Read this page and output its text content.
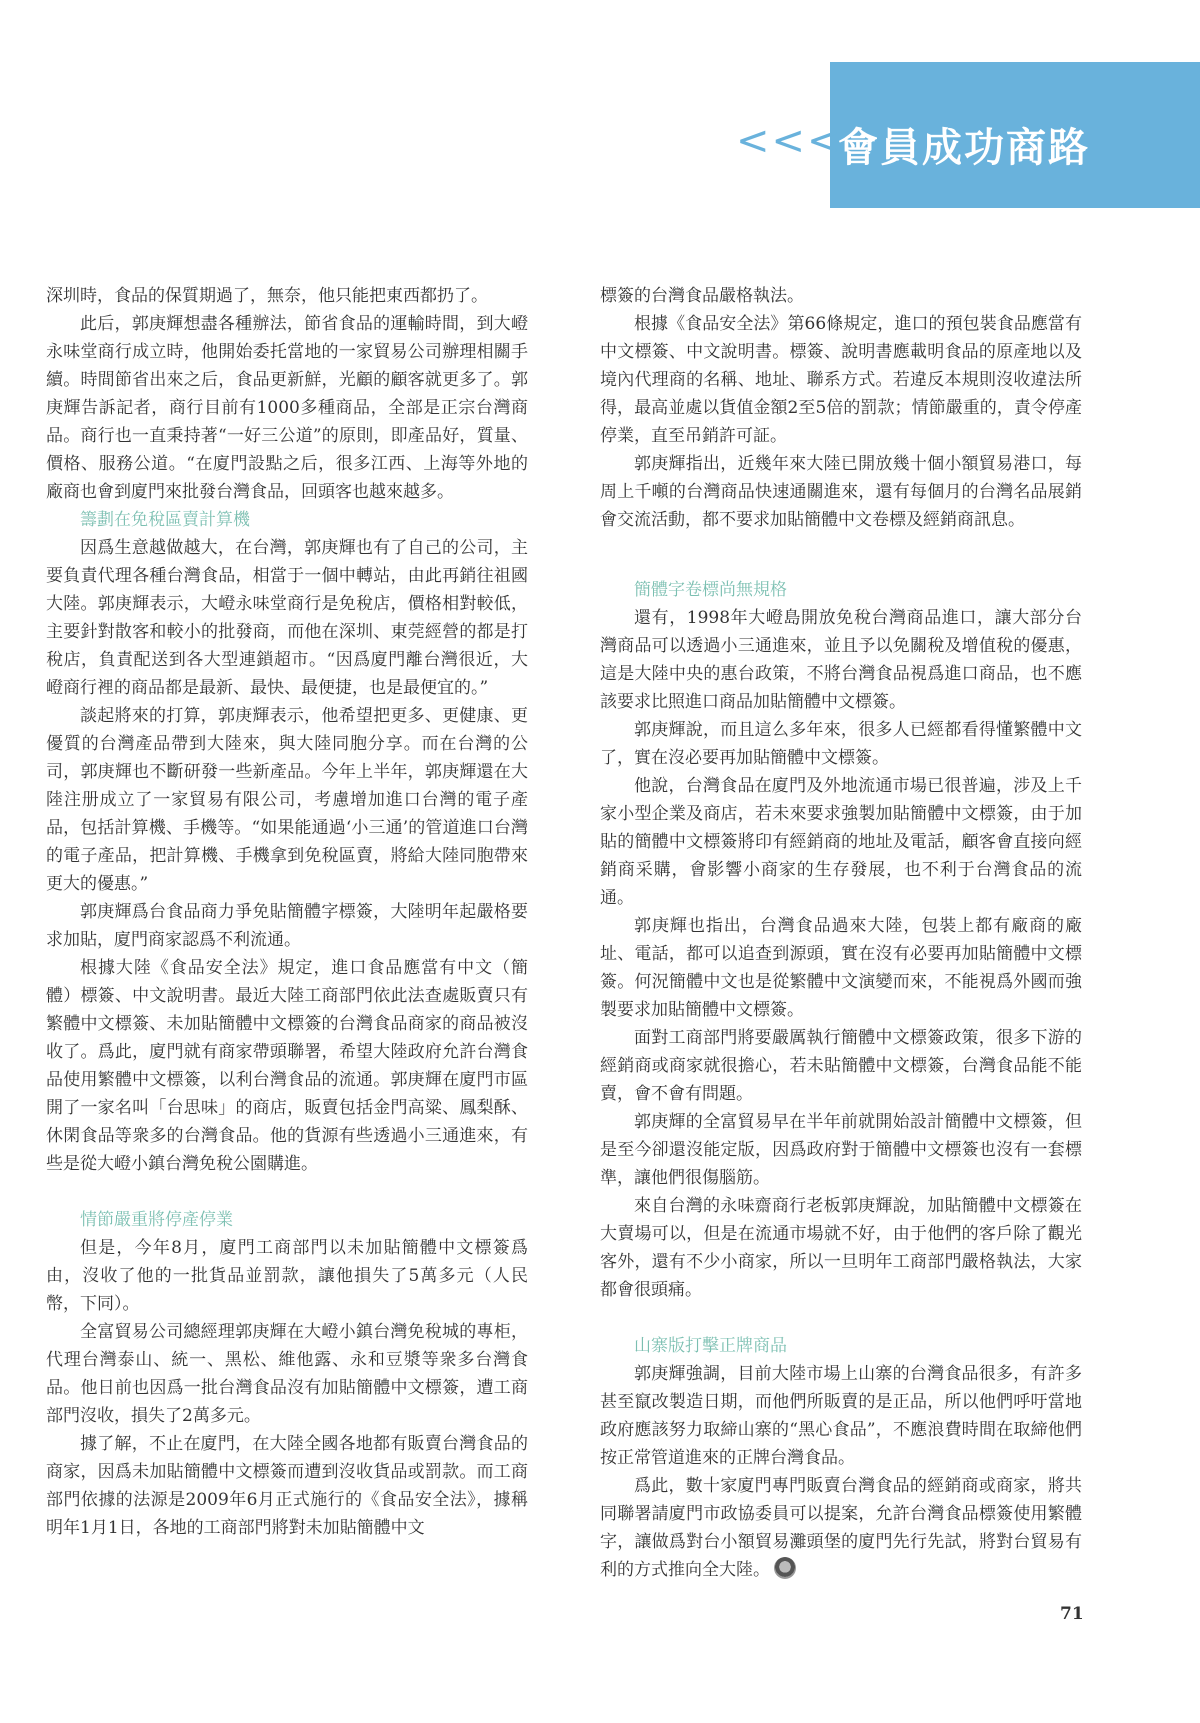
<<<
會員成功商路

深圳時，食品的保質期過了，無奈，他只能把東西都扔了。

此后，郭庚輝想盡各種辦法，節省食品的運輸時間，到大嶝永味堂商行成立時，他開始委托當地的一家貿易公司辦理相關手續。時間節省出來之后，食品更新鮮，光顧的顧客就更多了。郭庚輝告訴記者，商行目前有1000多種商品，全部是正宗台灣商品。商行也一直秉持著“一好三公道”的原則，即產品好，質量、價格、服務公道。“在廈門設點之后，很多江西、上海等外地的廠商也會到廈門來批發台灣食品，回頭客也越來越多。

籌劃在免稅區賣計算機

因爲生意越做越大，在台灣，郭庚輝也有了自己的公司，主要負責代理各種台灣食品，相當于一個中轉站，由此再銷往祖國大陸。郭庚輝表示，大嶝永味堂商行是免稅店，價格相對較低，主要針對散客和較小的批發商，而他在深圳、東莞經營的都是打稅店，負責配送到各大型連鎖超市。“因爲廈門離台灣很近，大嶝商行裡的商品都是最新、最快、最便捷，也是最便宜的。”

談起將來的打算，郭庚輝表示，他希望把更多、更健康、更優質的台灣產品帶到大陸來，與大陸同胞分享。而在台灣的公司，郭庚輝也不斷研發一些新產品。今年上半年，郭庚輝還在大陸注册成立了一家貿易有限公司，考慮增加進口台灣的電子產品，包括計算機、手機等。“如果能通過‘小三通’的管道進口台灣的電子產品，把計算機、手機拿到免稅區賣，將給大陸同胞帶來更大的優惠。”

郭庚輝爲台食品商力爭免貼簡體字標簽，大陸明年起嚴格要求加貼，廈門商家認爲不利流通。

根據大陸《食品安全法》規定，進口食品應當有中文（簡體）標簽、中文說明書。最近大陸工商部門依此法查處販賣只有繁體中文標簽、未加貼簡體中文標簽的台灣食品商家的商品被沒收了。爲此，廈門就有商家帶頭聯署，希望大陸政府允許台灣食品使用繁體中文標簽，以利台灣食品的流通。郭庚輝在廈門市區開了一家名叫「台思味」的商店，販賣包括金門高粱、鳳梨酥、休閑食品等衆多的台灣食品。他的貨源有些透過小三通進來，有些是從大嶝小鎮台灣免稅公園購進。

情節嚴重將停產停業

但是，今年8月，廈門工商部門以未加貼簡體中文標簽爲由，沒收了他的一批貨品並罰款，讓他損失了5萬多元（人民幣，下同）。

全富貿易公司總經理郭庚輝在大嶝小鎮台灣免稅城的專柜，代理台灣泰山、統一、黑松、維他露、永和豆漿等衆多台灣食品。他日前也因爲一批台灣食品沒有加貼簡體中文標簽，遭工商部門沒收，損失了2萬多元。

據了解，不止在廈門，在大陸全國各地都有販賣台灣食品的商家，因爲未加貼簡體中文標簽而遭到沒收貨品或罰款。而工商部門依據的法源是2009年6月正式施行的《食品安全法》，據稱明年1月1日，各地的工商部門將對未加貼簡體中文

標簽的台灣食品嚴格執法。

根據《食品安全法》第66條規定，進口的預包裝食品應當有中文標簽、中文說明書。標簽、說明書應載明食品的原產地以及境內代理商的名稱、地址、聯系方式。若違反本規則沒收違法所得，最高並處以貨值金額2至5倍的罰款；情節嚴重的，責令停產停業，直至吊銷許可証。

郭庚輝指出，近幾年來大陸已開放幾十個小額貿易港口，每周上千噸的台灣商品快速通關進來，還有每個月的台灣名品展銷會交流活動，都不要求加貼簡體中文卷標及經銷商訊息。

簡體字卷標尚無規格

還有，1998年大嶝島開放免稅台灣商品進口，讓大部分台灣商品可以透過小三通進來，並且予以免關稅及增值稅的優惠，這是大陸中央的惠台政策，不將台灣食品視爲進口商品，也不應該要求比照進口商品加貼簡體中文標簽。

郭庚輝說，而且這么多年來，很多人已經都看得懂繁體中文了，實在沒必要再加貼簡體中文標簽。

他說，台灣食品在廈門及外地流通市場已很普遍，涉及上千家小型企業及商店，若未來要求強製加貼簡體中文標簽，由于加貼的簡體中文標簽將印有經銷商的地址及電話，顧客會直接向經銷商采購，會影響小商家的生存發展，也不利于台灣食品的流通。

郭庚輝也指出，台灣食品過來大陸，包裝上都有廠商的廠址、電話，都可以追查到源頭，實在沒有必要再加貼簡體中文標簽。何況簡體中文也是從繁體中文演變而來，不能視爲外國而強製要求加貼簡體中文標簽。

面對工商部門將要嚴厲執行簡體中文標簽政策，很多下游的經銷商或商家就很擔心，若未貼簡體中文標簽，台灣食品能不能賣，會不會有問題。

郭庚輝的全富貿易早在半年前就開始設計簡體中文標簽，但是至今卻還沒能定版，因爲政府對于簡體中文標簽也沒有一套標準，讓他們很傷腦筋。

來自台灣的永味齋商行老板郭庚輝說，加貼簡體中文標簽在大賣場可以，但是在流通市場就不好，由于他們的客戶除了觀光客外，還有不少小商家，所以一旦明年工商部門嚴格執法，大家都會很頭痛。

山寨版打擊正牌商品

郭庚輝強調，目前大陸市場上山寨的台灣食品很多，有許多甚至竄改製造日期，而他們所販賣的是正品，所以他們呼吁當地政府應該努力取締山寨的“黑心食品”，不應浪費時間在取締他們按正常管道進來的正牌台灣食品。

爲此，數十家廈門專門販賣台灣食品的經銷商或商家，將共同聯署請廈門市政協委員可以提案，允許台灣食品標簽使用繁體字，讓做爲對台小額貿易灘頭堡的廈門先行先試，將對台貿易有利的方式推向全大陸。

71
